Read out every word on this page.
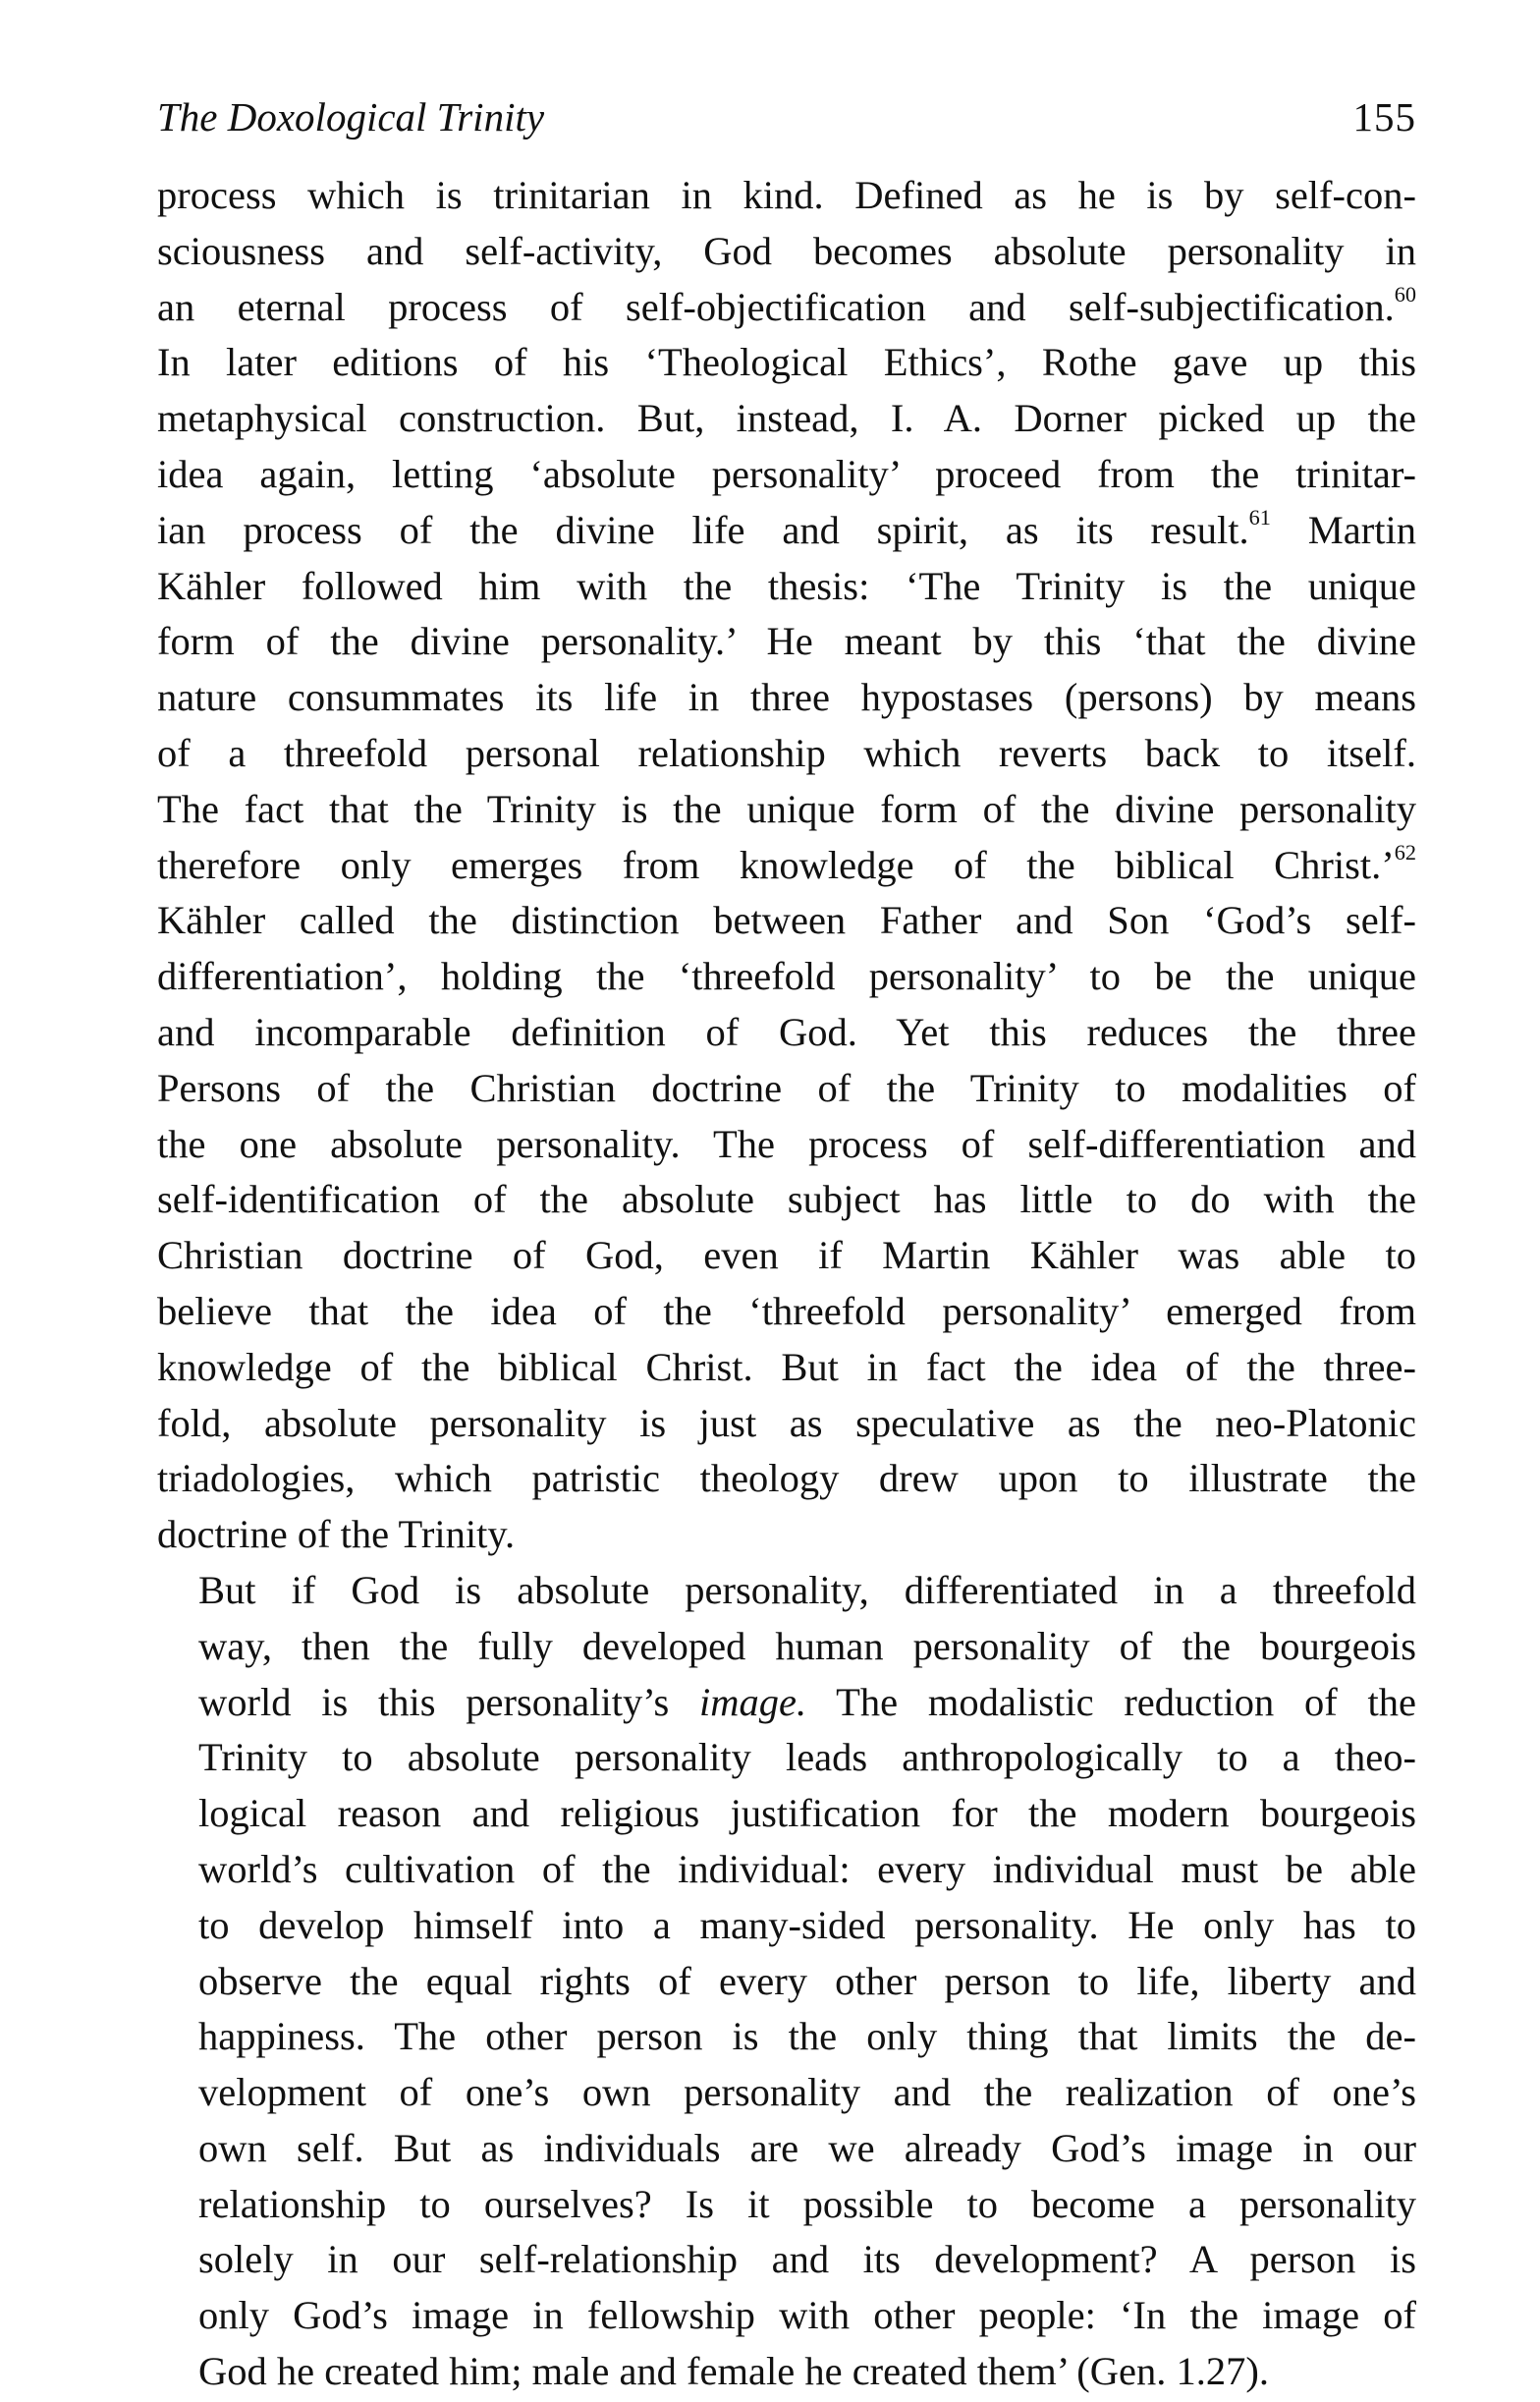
The Doxological Trinity	155

process which is trinitarian in kind. Defined as he is by self-con-
sciousness and self-activity, God becomes absolute personality in
an eternal process of self-objectification and self-subjectification.$^{60}$
In later editions of his ‘Theological Ethics’, Rothe gave up this
metaphysical construction. But, instead, I. A. Dorner picked up the
idea again, letting ‘absolute personality’ proceed from the trinitar-
ian process of the divine life and spirit, as its result.$^{61}$ Martin
Kähler followed him with the thesis: ‘The Trinity is the unique
form of the divine personality.’ He meant by this ‘that the divine
nature consummates its life in three hypostases (persons) by means
of a threefold personal relationship which reverts back to itself.
The fact that the Trinity is the unique form of the divine personality
therefore only emerges from knowledge of the biblical Christ.’$^{62}$
Kähler called the distinction between Father and Son ‘God’s self-
differentiation’, holding the ‘threefold personality’ to be the unique
and incomparable definition of God. Yet this reduces the three
Persons of the Christian doctrine of the Trinity to modalities of
the one absolute personality. The process of self-differentiation and
self-identification of the absolute subject has little to do with the
Christian doctrine of God, even if Martin Kähler was able to
believe that the idea of the ‘threefold personality’ emerged from
knowledge of the biblical Christ. But in fact the idea of the three-
fold, absolute personality is just as speculative as the neo-Platonic
triadologies, which patristic theology drew upon to illustrate the
doctrine of the Trinity.

But if God is absolute personality, differentiated in a threefold
way, then the fully developed human personality of the bourgeois
world is this personality’s image. The modalistic reduction of the
Trinity to absolute personality leads anthropologically to a theo-
logical reason and religious justification for the modern bourgeois
world’s cultivation of the individual: every individual must be able
to develop himself into a many-sided personality. He only has to
observe the equal rights of every other person to life, liberty and
happiness. The other person is the only thing that limits the de-
velopment of one’s own personality and the realization of one’s
own self. But as individuals are we already God’s image in our
relationship to ourselves? Is it possible to become a personality
solely in our self-relationship and its development? A person is
only God’s image in fellowship with other people: ‘In the image of
God he created him; male and female he created them’ (Gen. 1.27).
